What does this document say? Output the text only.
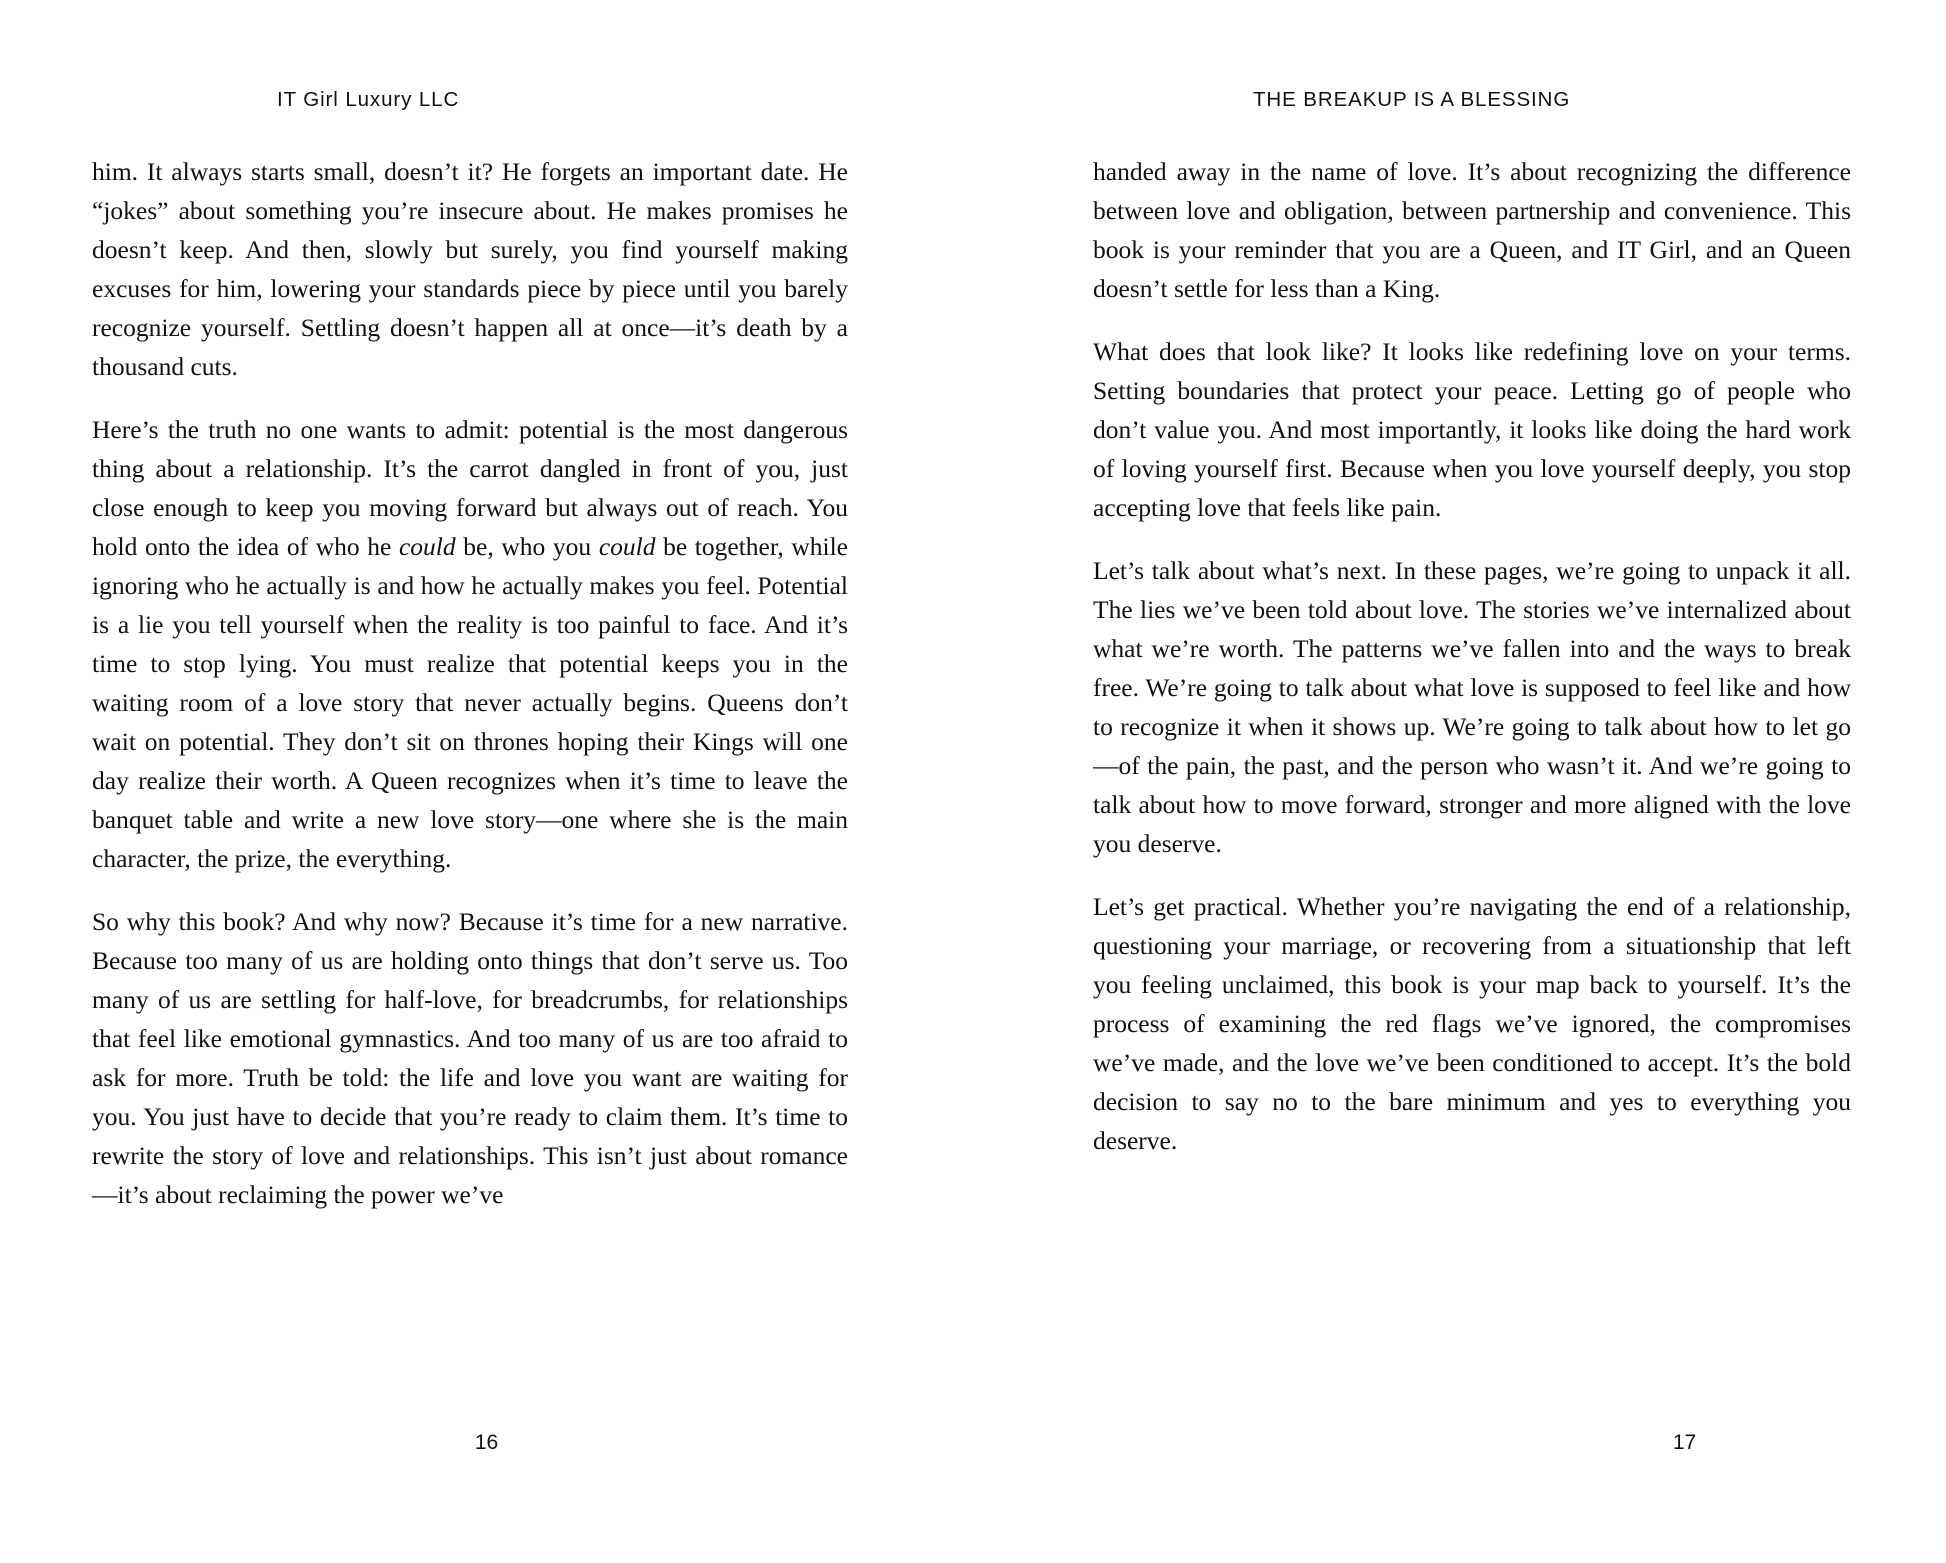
IT Girl Luxury LLC

him. It always starts small, doesn’t it? He forgets an important date. He “jokes” about something you’re insecure about. He makes promises he doesn’t keep. And then, slowly but surely, you find yourself making excuses for him, lowering your standards piece by piece until you barely recognize yourself. Settling doesn’t happen all at once—it’s death by a thousand cuts.

Here’s the truth no one wants to admit: potential is the most dangerous thing about a relationship. It’s the carrot dangled in front of you, just close enough to keep you moving forward but always out of reach. You hold onto the idea of who he could be, who you could be together, while ignoring who he actually is and how he actually makes you feel. Potential is a lie you tell yourself when the reality is too painful to face. And it’s time to stop lying. You must realize that potential keeps you in the waiting room of a love story that never actually begins. Queens don’t wait on potential. They don’t sit on thrones hoping their Kings will one day realize their worth. A Queen recognizes when it’s time to leave the banquet table and write a new love story—one where she is the main character, the prize, the everything.

So why this book? And why now? Because it’s time for a new narrative. Because too many of us are holding onto things that don’t serve us. Too many of us are settling for half-love, for breadcrumbs, for relationships that feel like emotional gymnastics. And too many of us are too afraid to ask for more. Truth be told: the life and love you want are waiting for you. You just have to decide that you’re ready to claim them. It’s time to rewrite the story of love and relationships. This isn’t just about romance—it’s about reclaiming the power we’ve

16
THE BREAKUP IS A BLESSING

handed away in the name of love. It’s about recognizing the difference between love and obligation, between partnership and convenience. This book is your reminder that you are a Queen, and IT Girl, and an Queen doesn’t settle for less than a King.

What does that look like? It looks like redefining love on your terms. Setting boundaries that protect your peace. Letting go of people who don’t value you. And most importantly, it looks like doing the hard work of loving yourself first. Because when you love yourself deeply, you stop accepting love that feels like pain.

Let’s talk about what’s next. In these pages, we’re going to unpack it all. The lies we’ve been told about love. The stories we’ve internalized about what we’re worth. The patterns we’ve fallen into and the ways to break free. We’re going to talk about what love is supposed to feel like and how to recognize it when it shows up. We’re going to talk about how to let go—of the pain, the past, and the person who wasn’t it. And we’re going to talk about how to move forward, stronger and more aligned with the love you deserve.

Let’s get practical. Whether you’re navigating the end of a relationship, questioning your marriage, or recovering from a situationship that left you feeling unclaimed, this book is your map back to yourself. It’s the process of examining the red flags we’ve ignored, the compromises we’ve made, and the love we’ve been conditioned to accept. It’s the bold decision to say no to the bare minimum and yes to everything you deserve.

17
